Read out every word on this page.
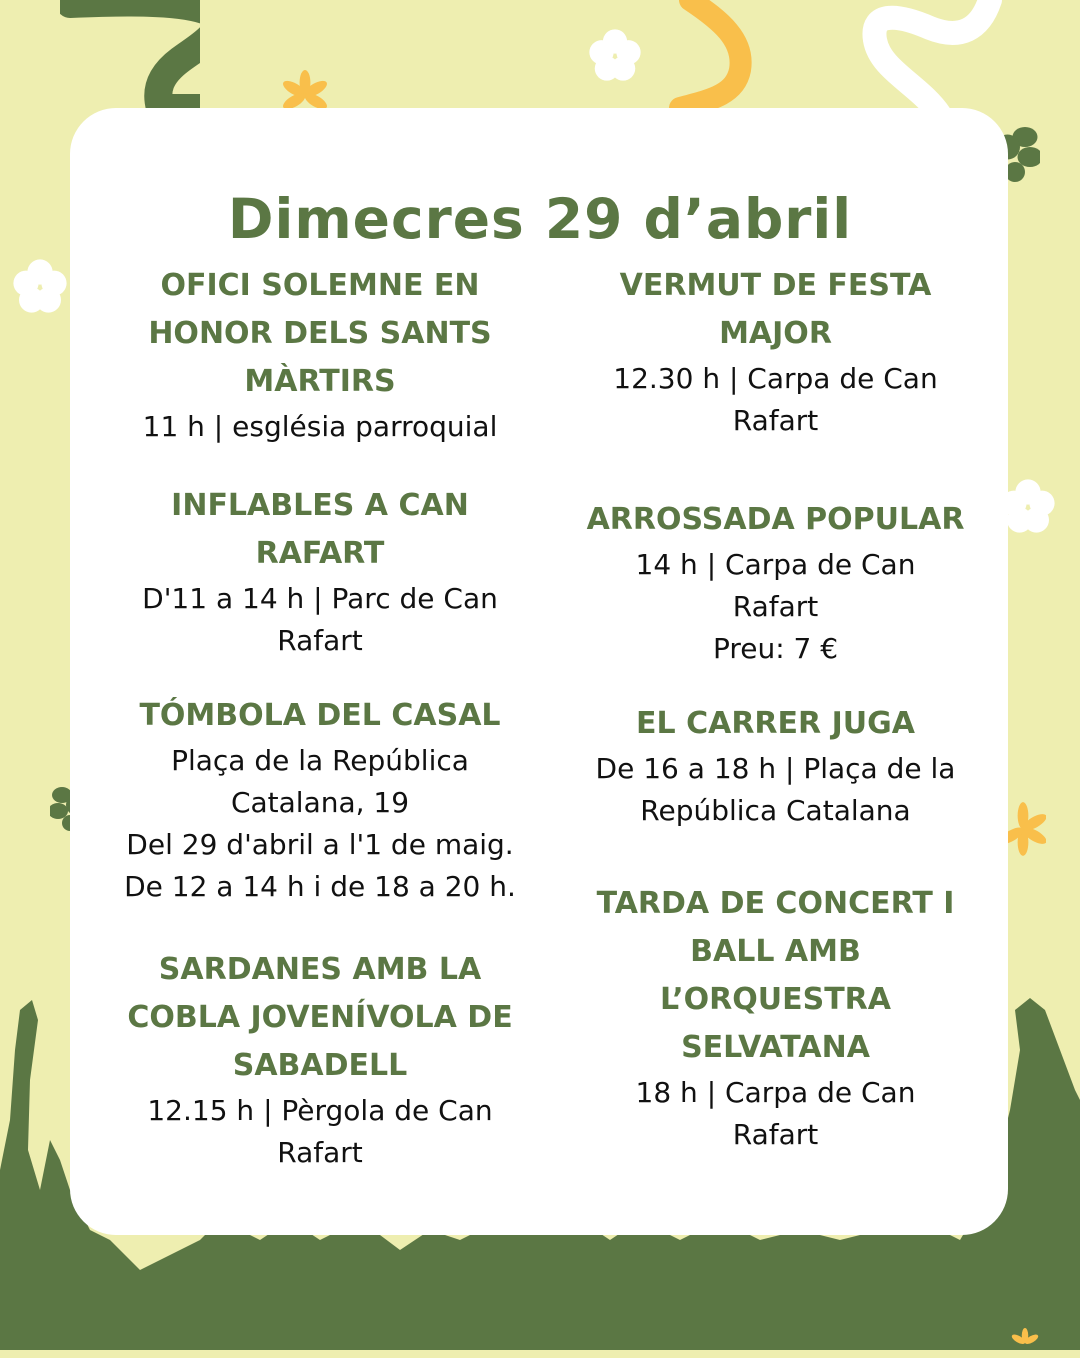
Dimecres 29 d’abril
OFICI SOLEMNE EN
HONOR DELS SANTS
MÀRTIRS
11 h | església parroquial
INFLABLES A CAN
RAFART
D'11 a 14 h | Parc de Can
Rafart
TÓMBOLA DEL CASAL
Plaça de la República
Catalana, 19
Del 29 d'abril a l'1 de maig.
De 12 a 14 h i de 18 a 20 h.
SARDANES AMB LA
COBLA JOVENÍVOLA DE
SABADELL
12.15 h | Pèrgola de Can
Rafart
VERMUT DE FESTA
MAJOR
12.30 h | Carpa de Can
Rafart
ARROSSADA POPULAR
14 h | Carpa de Can
Rafart
Preu: 7 €
EL CARRER JUGA
De 16 a 18 h | Plaça de la
República Catalana
TARDA DE CONCERT I
BALL AMB
L’ORQUESTRA
SELVATANA
18 h | Carpa de Can
Rafart
